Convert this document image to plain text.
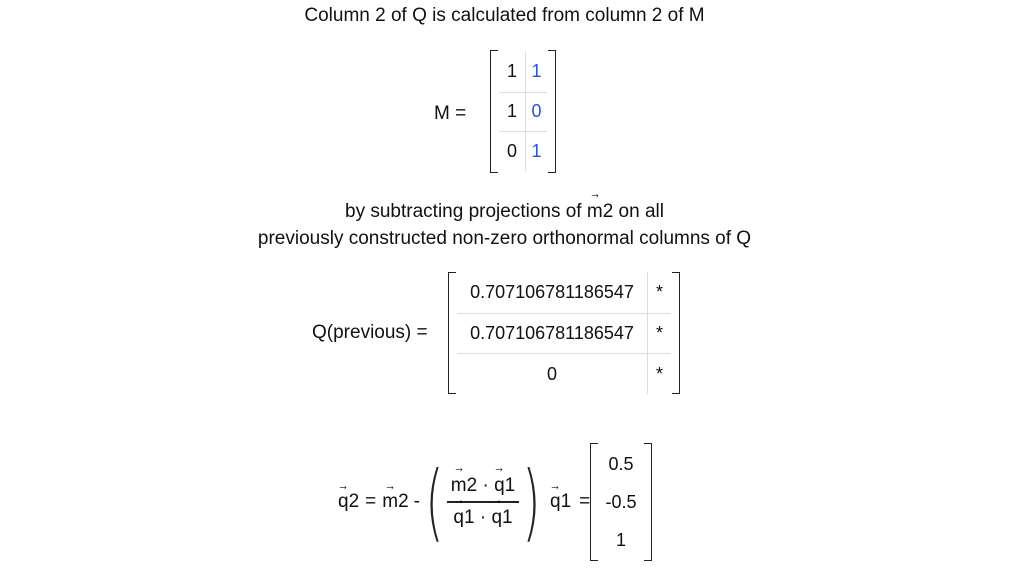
Column 2 of Q is calculated from column 2 of M
M =
1 1
1 0
0 1
by subtracting projections of → m2 on all
previously constructed non-zero orthonormal columns of Q
Q(previous) =
0.707106781186547	*
0.707106781186547	*
0	*
→ q2 = → m2 - ( → m2 · → q1
→ q1 · → q1 ) → q1 =
0.5
-0.5
1
